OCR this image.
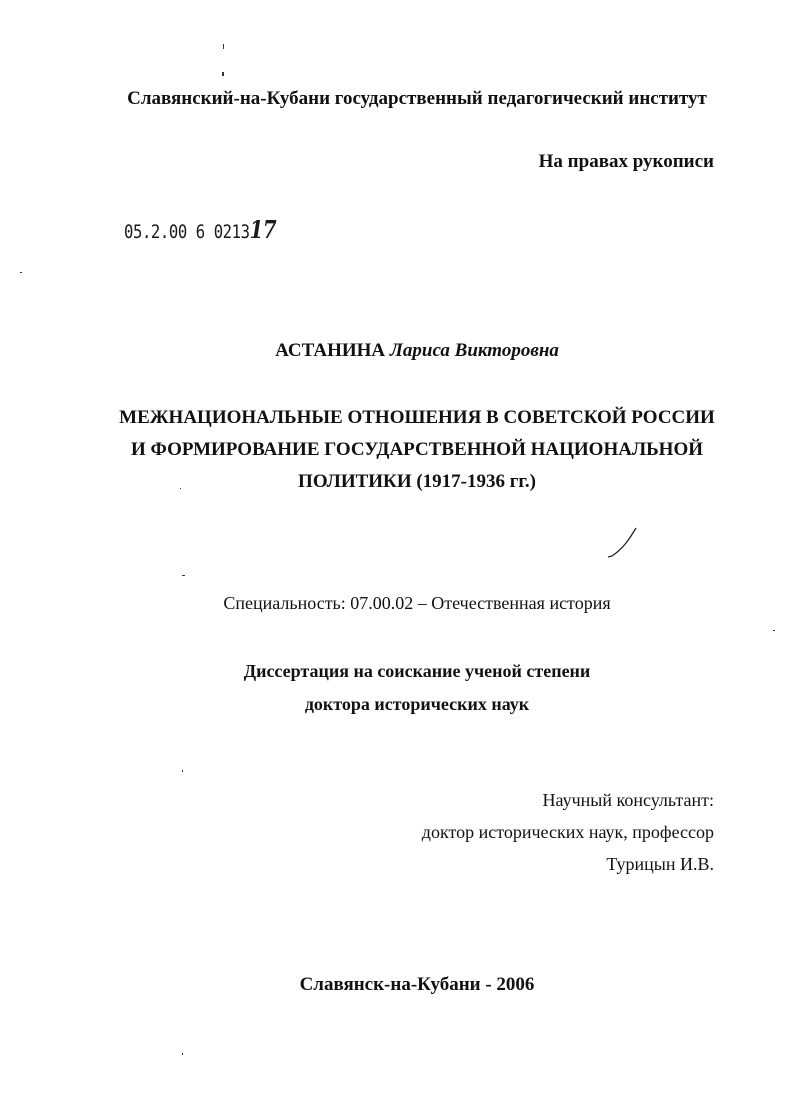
Славянский-на-Кубани государственный педагогический институт
На правах рукописи
05.2.00 6 021317
АСТАНИНА Лариса Викторовна
МЕЖНАЦИОНАЛЬНЫЕ ОТНОШЕНИЯ В СОВЕТСКОЙ РОССИИ
И ФОРМИРОВАНИЕ ГОСУДАРСТВЕННОЙ НАЦИОНАЛЬНОЙ
ПОЛИТИКИ (1917-1936 гг.)
Специальность: 07.00.02 – Отечественная история
Диссертация на соискание ученой степени
доктора исторических наук
Научный консультант:
доктор исторических наук, профессор
Турицын И.В.
Славянск-на-Кубани - 2006
